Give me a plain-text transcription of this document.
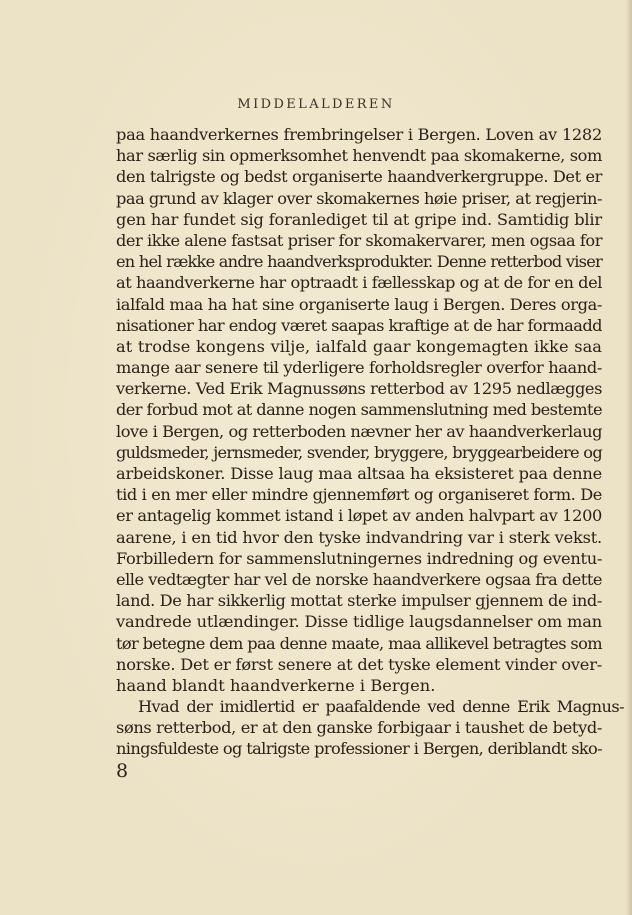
MIDDELALDEREN

paa haandverkernes frembringelser i Bergen. Loven av 1282
har særlig sin opmerksomhet henvendt paa skomakerne, som
den talrigste og bedst organiserte haandverkergruppe. Det er
paa grund av klager over skomakernes høie priser, at regjerin-
gen har fundet sig foranlediget til at gripe ind. Samtidig blir
der ikke alene fastsat priser for skomakervarer, men ogsaa for
en hel række andre haandverksprodukter. Denne retterbod viser
at haandverkerne har optraadt i fællesskap og at de for en del
ialfald maa ha hat sine organiserte laug i Bergen. Deres orga-
nisationer har endog været saapas kraftige at de har formaadd
at trodse kongens vilje, ialfald gaar kongemagten ikke saa
mange aar senere til yderligere forholdsregler overfor haand-
verkerne. Ved Erik Magnussøns retterbod av 1295 nedlægges
der forbud mot at danne nogen sammenslutning med bestemte
love i Bergen, og retterboden nævner her av haandverkerlaug
guldsmeder, jernsmeder, svender, bryggere, bryggearbeidere og
arbeidskoner. Disse laug maa altsaa ha eksisteret paa denne
tid i en mer eller mindre gjennemført og organiseret form. De
er antagelig kommet istand i løpet av anden halvpart av 1200
aarene, i en tid hvor den tyske indvandring var i sterk vekst.
Forbilledern for sammenslutningernes indredning og eventu-
elle vedtægter har vel de norske haandverkere ogsaa fra dette
land. De har sikkerlig mottat sterke impulser gjennem de ind-
vandrede utlændinger. Disse tidlige laugsdannelser om man
tør betegne dem paa denne maate, maa allikevel betragtes som
norske. Det er først senere at det tyske element vinder over-
haand blandt haandverkerne i Bergen.
Hvad der imidlertid er paafaldende ved denne Erik Magnus-
søns retterbod, er at den ganske forbigaar i taushet de betyd-
ningsfuldeste og talrigste professioner i Bergen, deriblandt sko-

8
